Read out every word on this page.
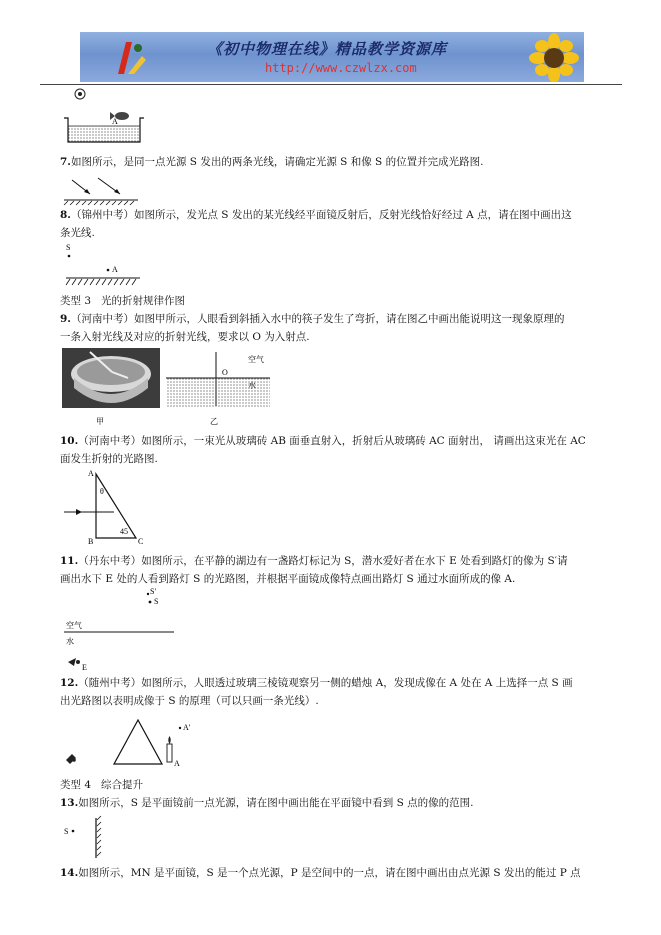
《初中物理在线》精品教学资源库
http://www.czwlzx.com
A
7.如图所示，是同一点光源 S 发出的两条光线，请确定光源 S 和像 S 的位置并完成光路图.
8.（锦州中考）如图所示，发光点 S 发出的某光线经平面镜反射后，反射光线恰好经过 A 点，请在图中画出这
条光线.
S
A
类型 3 光的折射规律作图
9.（河南中考）如图甲所示，人眼看到斜插入水中的筷子发生了弯折，请在图乙中画出能说明这一现象原理的
一条入射光线及对应的折射光线，要求以 O 为入射点.
甲
空气
水
O
乙
10.（河南中考）如图所示，一束光从玻璃砖 AB 面垂直射入，折射后从玻璃砖 AC 面射出， 请画出这束光在 AC
面发生折射的光路图.
A
B	C
θ
45
11.（丹东中考）如图所示，在平静的湖边有一盏路灯标记为 S，潜水爱好者在水下 E 处看到路灯的像为 S′请
画出水下 E 处的人看到路灯 S 的光路图，并根据平面镜成像特点画出路灯 S 通过水面所成的像 A.
S′
S
空气
水
E
12.（随州中考）如图所示，人眼透过玻璃三棱镜观察另一侧的蜡烛 A，发现成像在 A 处在 A 上选择一点 S 画
出光路图以表明成像于 S 的原理（可以只画一条光线）.
A
A′
类型 4 综合提升
13.如图所示，S 是平面镜前一点光源，请在图中画出能在平面镜中看到 S 点的像的范围.
S
14.如图所示，MN 是平面镜，S 是一个点光源，P 是空间中的一点，请在图中画出由点光源 S 发出的能过 P 点
